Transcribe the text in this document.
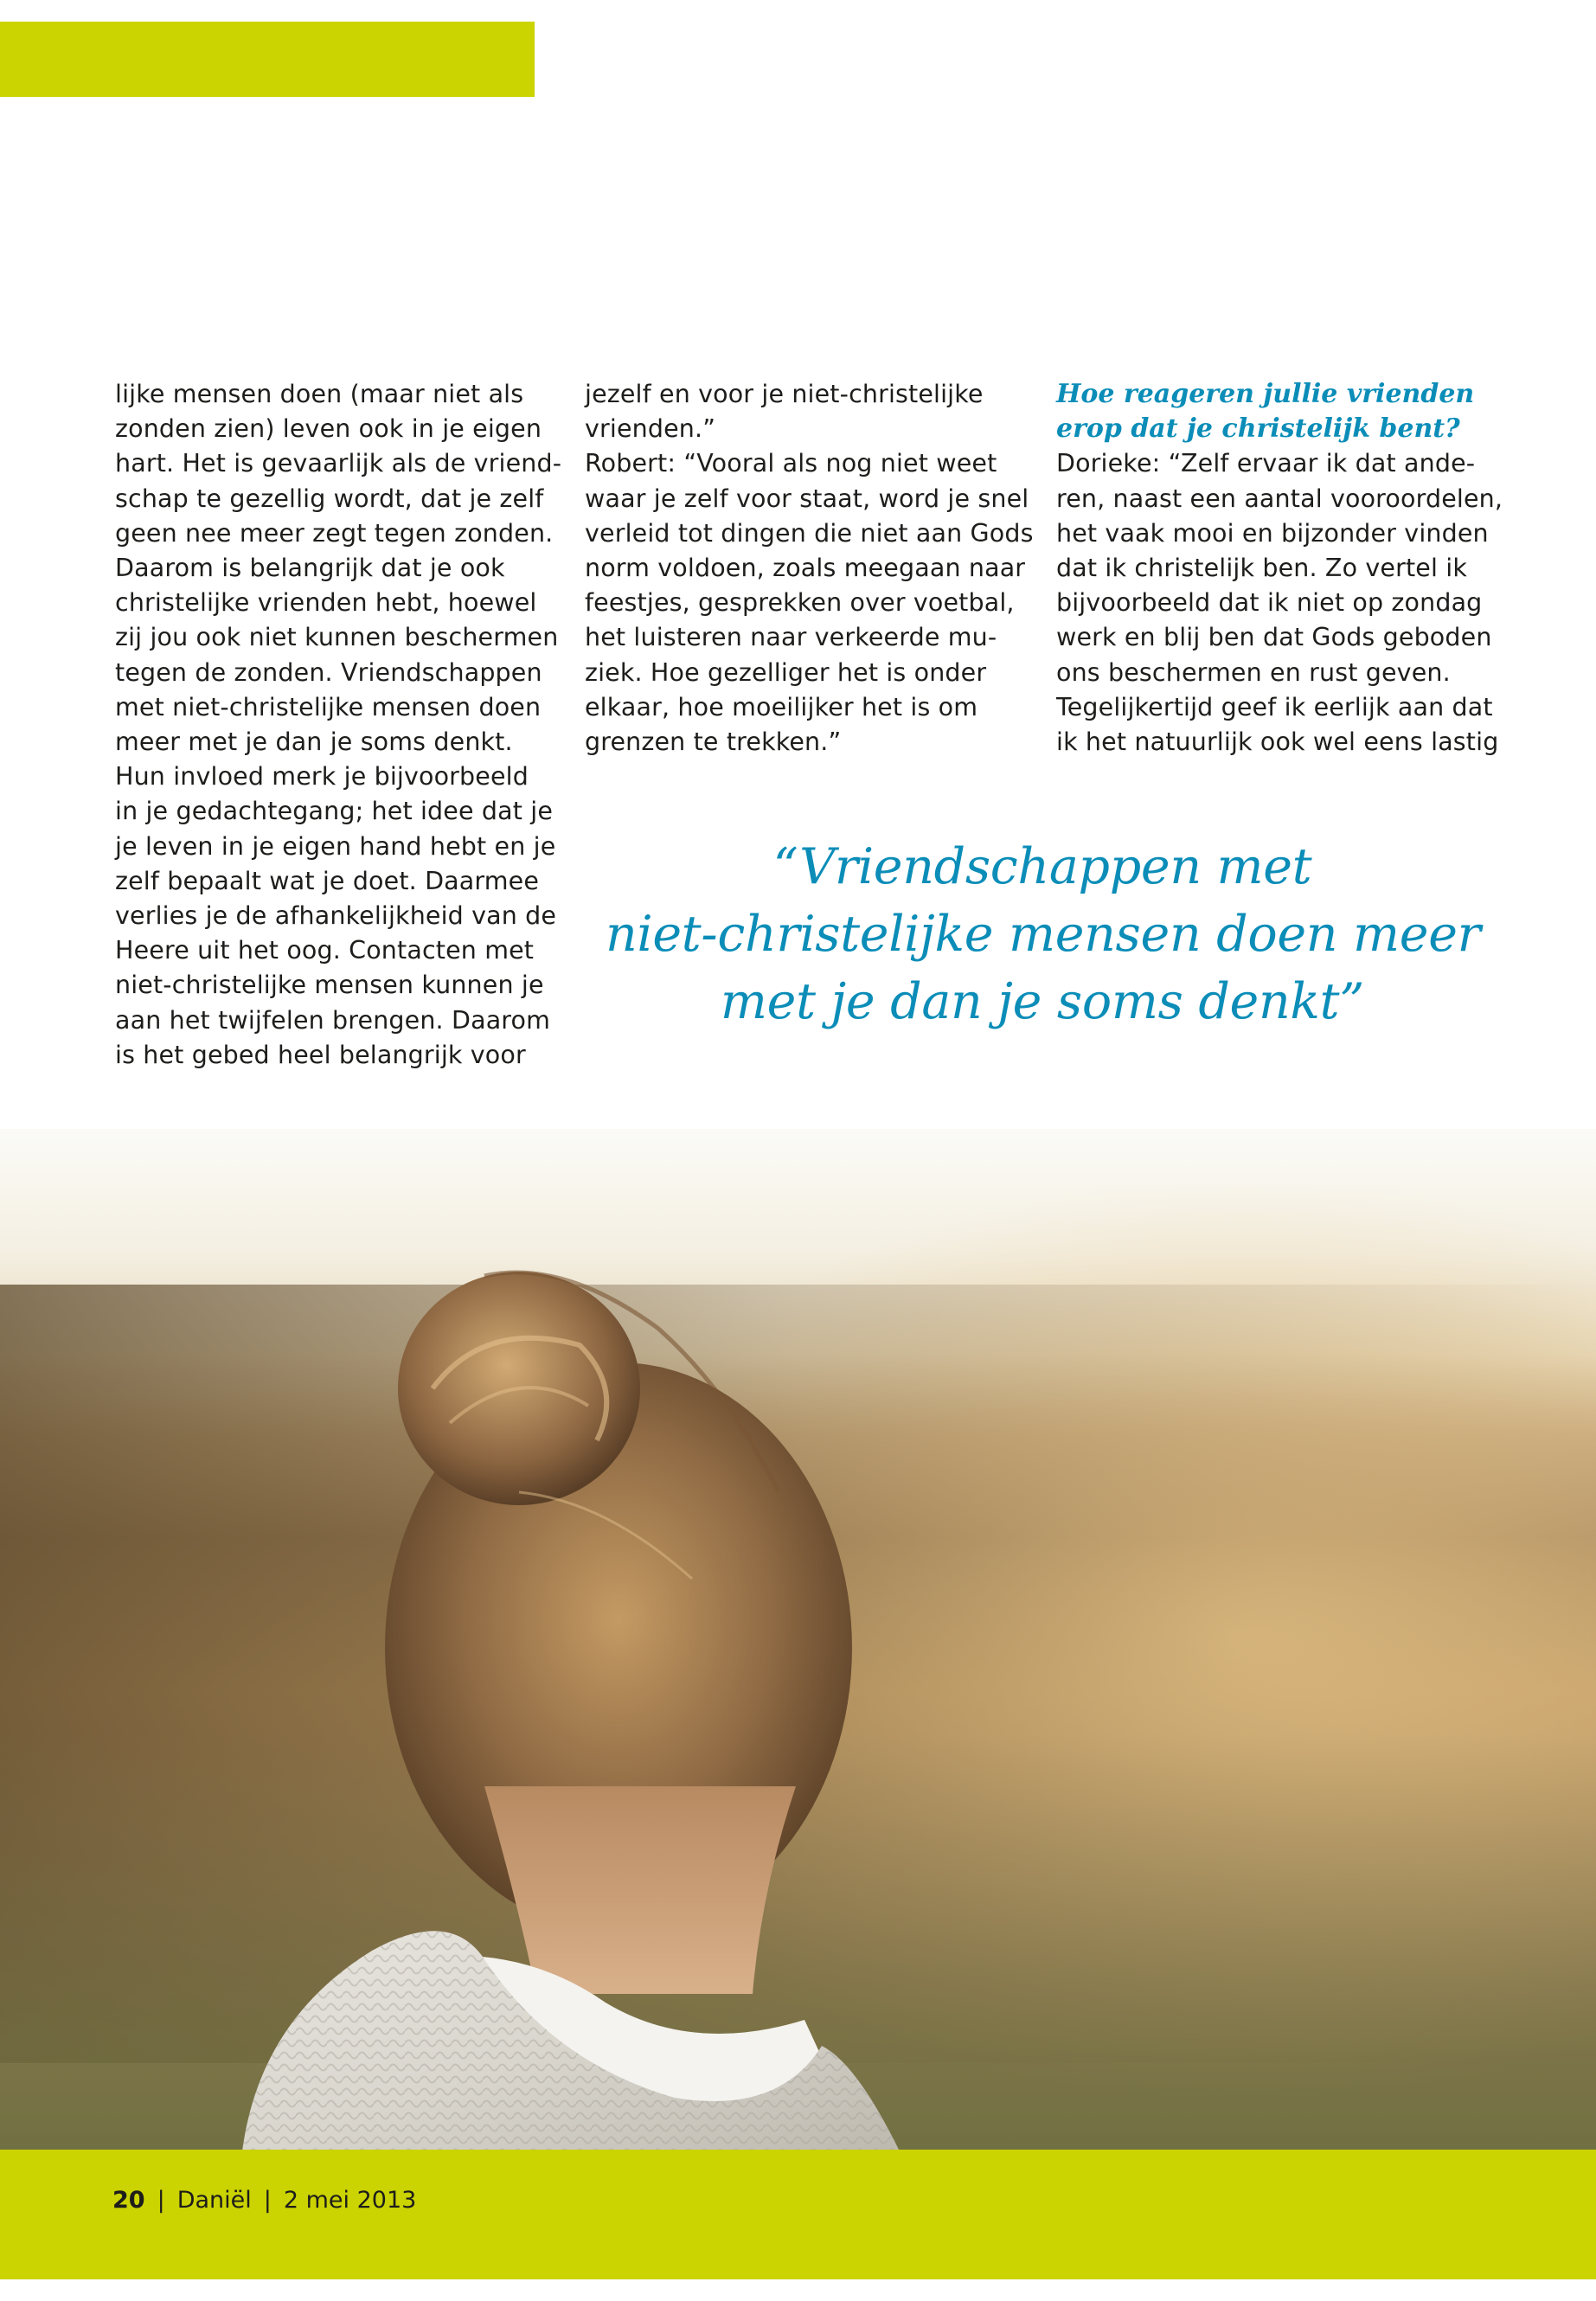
lijke mensen doen (maar niet als
zonden zien) leven ook in je eigen
hart. Het is gevaarlijk als de vriend-
schap te gezellig wordt, dat je zelf
geen nee meer zegt tegen zonden.
Daarom is belangrijk dat je ook
christelijke vrienden hebt, hoewel
zij jou ook niet kunnen beschermen
tegen de zonden. Vriendschappen
met niet-christelijke mensen doen
meer met je dan je soms denkt.
Hun invloed merk je bijvoorbeeld
in je gedachtegang; het idee dat je
je leven in je eigen hand hebt en je
zelf bepaalt wat je doet. Daarmee
verlies je de afhankelijkheid van de
Heere uit het oog. Contacten met
niet-christelijke mensen kunnen je
aan het twijfelen brengen. Daarom
is het gebed heel belangrijk voor
jezelf en voor je niet-christelijke
vrienden.”
Robert: “Vooral als nog niet weet
waar je zelf voor staat, word je snel
verleid tot dingen die niet aan Gods
norm voldoen, zoals meegaan naar
feestjes, gesprekken over voetbal,
het luisteren naar verkeerde mu-
ziek. Hoe gezelliger het is onder
elkaar, hoe moeilijker het is om
grenzen te trekken.”
Hoe reageren jullie vrienden
erop dat je christelijk bent?
Dorieke: “Zelf ervaar ik dat ande-
ren, naast een aantal vooroordelen,
het vaak mooi en bijzonder vinden
dat ik christelijk ben. Zo vertel ik
bijvoorbeeld dat ik niet op zondag
werk en blij ben dat Gods geboden
ons beschermen en rust geven.
Tegelijkertijd geef ik eerlijk aan dat
ik het natuurlijk ook wel eens lastig
“Vriendschappen met
niet-christelijke mensen doen meer
met je dan je soms denkt”
20 | Daniël | 2 mei 2013
